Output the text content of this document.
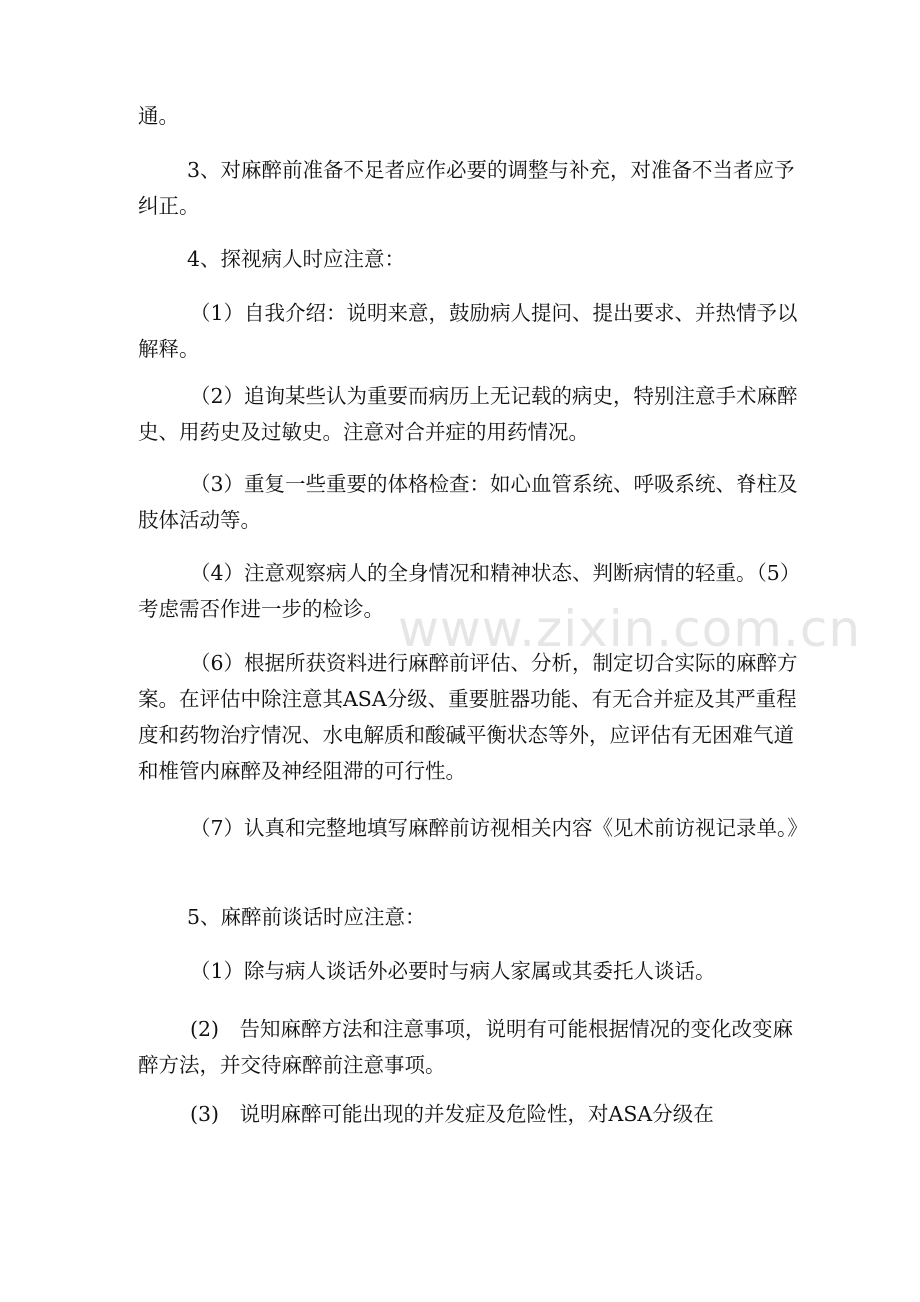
通。

3、对麻醉前准备不足者应作必要的调整与补充，对准备不当者应予纠正。

4、探视病人时应注意：

（1）自我介绍：说明来意，鼓励病人提问、提出要求、并热情予以解释。

（2）追询某些认为重要而病历上无记载的病史，特别注意手术麻醉史、用药史及过敏史。注意对合并症的用药情况。

（3）重复一些重要的体格检查：如心血管系统、呼吸系统、脊柱及肢体活动等。

（4）注意观察病人的全身情况和精神状态、判断病情的轻重。（5）考虑需否作进一步的检诊。

（6）根据所获资料进行麻醉前评估、分析，制定切合实际的麻醉方案。在评估中除注意其ASA分级、重要脏器功能、有无合并症及其严重程度和药物治疗情况、水电解质和酸碱平衡状态等外，应评估有无困难气道和椎管内麻醉及神经阻滞的可行性。

（7）认真和完整地填写麻醉前访视相关内容《见术前访视记录单。》

5、麻醉前谈话时应注意：

（1）除与病人谈话外必要时与病人家属或其委托人谈话。

(2)　告知麻醉方法和注意事项，说明有可能根据情况的变化改变麻醉方法，并交待麻醉前注意事项。

(3)　说明麻醉可能出现的并发症及危险性，对ASA分级在

www.zixin.com.cn
